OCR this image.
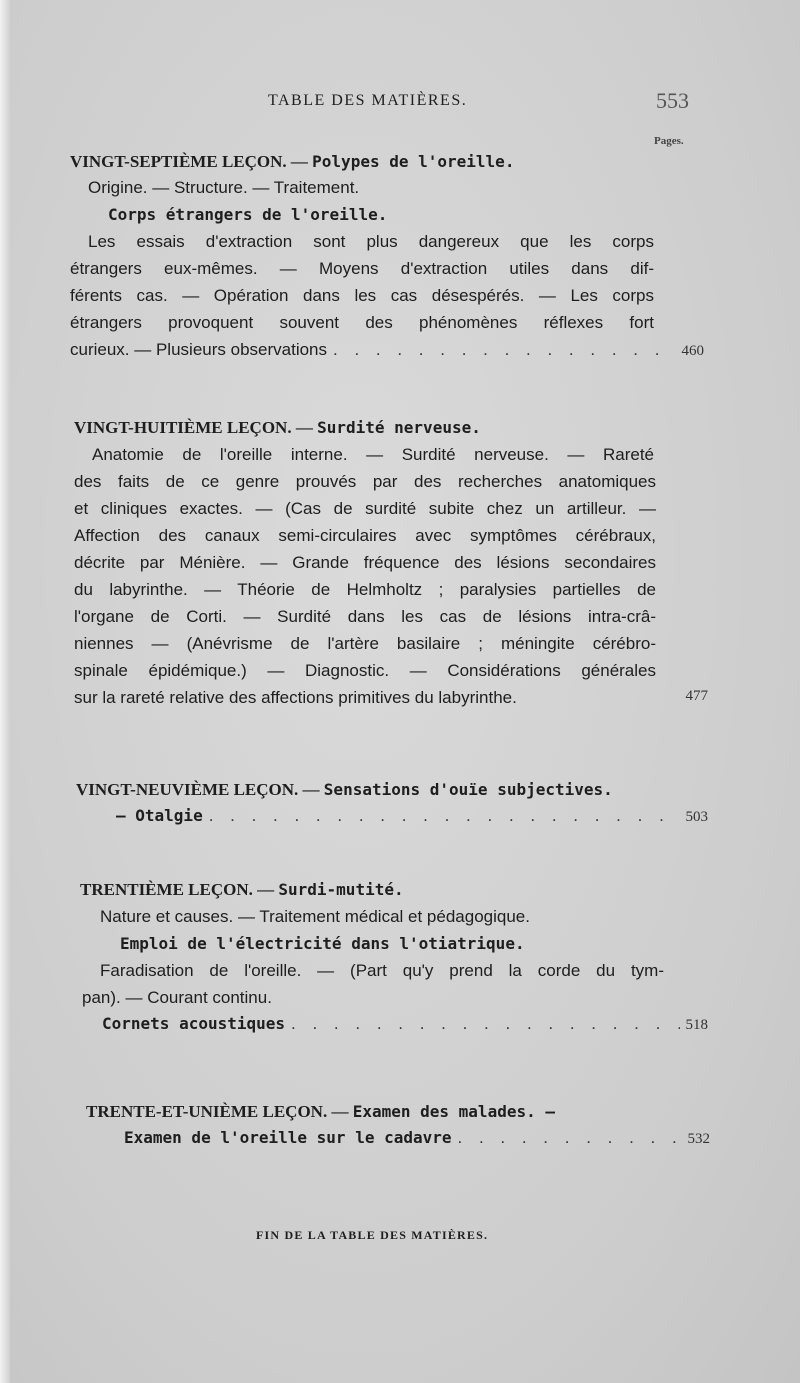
TABLE DES MATIÈRES.	553
Pages.
VINGT-SEPTIÈME LEÇON. — Polypes de l'oreille.
Origine. — Structure. — Traitement.
Corps étrangers de l'oreille.
Les essais d'extraction sont plus dangereux que les corps
étrangers eux-mêmes. — Moyens d'extraction utiles dans dif-
férents cas. — Opération dans les cas désespérés. — Les corps
étrangers provoquent souvent des phénomènes réflexes fort
curieux. — Plusieurs observations . . .	460
VINGT-HUITIÈME LEÇON. — Surdité nerveuse.
Anatomie de l'oreille interne. — Surdité nerveuse. — Rareté
des faits de ce genre prouvés par des recherches anatomiques
et cliniques exactes. — (Cas de surdité subite chez un artilleur. —
Affection des canaux semi-circulaires avec symptômes cérébraux,
décrite par Ménière. — Grande fréquence des lésions secondaires
du labyrinthe. — Théorie de Helmholtz ; paralysies partielles de
l'organe de Corti. — Surdité dans les cas de lésions intra-crâ-
niennes — (Anévrisme de l'artère basilaire ; méningite cérébro-
spinale épidémique.) — Diagnostic. — Considérations générales
sur la rareté relative des affections primitives du labyrinthe.	477
VINGT-NEUVIÈME LEÇON. — Sensations d'ouïe subjectives.
— Otalgie . . .	503
TRENTIÈME LEÇON. — Surdi-mutité.
Nature et causes. — Traitement médical et pédagogique.
Emploi de l'électricité dans l'otiatrique.
Faradisation de l'oreille. — (Part qu'y prend la corde du tym-
pan). — Courant continu.
Cornets acoustiques . . .	518
TRENTE-ET-UNIÈME LEÇON. — Examen des malades. —
Examen de l'oreille sur le cadavre . . .	532
FIN DE LA TABLE DES MATIÈRES.
